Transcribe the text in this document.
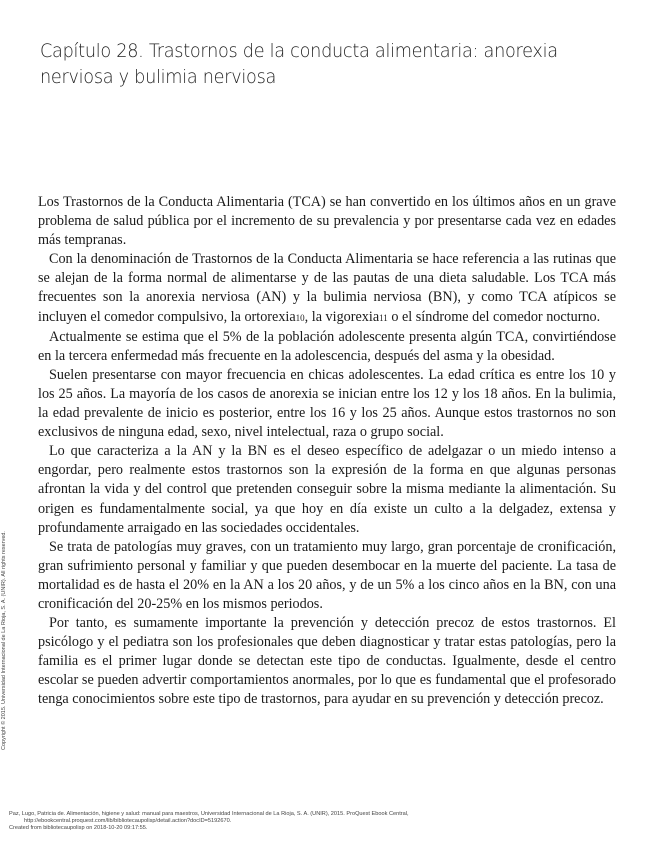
Capítulo 28. Trastornos de la conducta alimentaria: anorexia nerviosa y bulimia nerviosa

Los Trastornos de la Conducta Alimentaria (TCA) se han convertido en los últimos años en un grave problema de salud pública por el incremento de su prevalencia y por presentarse cada vez en edades más tempranas.

Con la denominación de Trastornos de la Conducta Alimentaria se hace referencia a las rutinas que se alejan de la forma normal de alimentarse y de las pautas de una dieta saludable. Los TCA más frecuentes son la anorexia nerviosa (AN) y la bulimia nerviosa (BN), y como TCA atípicos se incluyen el comedor compulsivo, la ortorexia10, la vigorexia11 o el síndrome del comedor nocturno.

Actualmente se estima que el 5% de la población adolescente presenta algún TCA, convirtiéndose en la tercera enfermedad más frecuente en la adolescencia, después del asma y la obesidad.

Suelen presentarse con mayor frecuencia en chicas adolescentes. La edad crítica es entre los 10 y los 25 años. La mayoría de los casos de anorexia se inician entre los 12 y los 18 años. En la bulimia, la edad prevalente de inicio es posterior, entre los 16 y los 25 años. Aunque estos trastornos no son exclusivos de ninguna edad, sexo, nivel intelectual, raza o grupo social.

Lo que caracteriza a la AN y la BN es el deseo específico de adelgazar o un miedo intenso a engordar, pero realmente estos trastornos son la expresión de la forma en que algunas personas afrontan la vida y del control que pretenden conseguir sobre la misma mediante la alimentación. Su origen es fundamentalmente social, ya que hoy en día existe un culto a la delgadez, extensa y profundamente arraigado en las sociedades occidentales.

Se trata de patologías muy graves, con un tratamiento muy largo, gran porcentaje de cronificación, gran sufrimiento personal y familiar y que pueden desembocar en la muerte del paciente. La tasa de mortalidad es de hasta el 20% en la AN a los 20 años, y de un 5% a los cinco años en la BN, con una cronificación del 20-25% en los mismos periodos.

Por tanto, es sumamente importante la prevención y detección precoz de estos trastornos. El psicólogo y el pediatra son los profesionales que deben diagnosticar y tratar estas patologías, pero la familia es el primer lugar donde se detectan este tipo de conductas. Igualmente, desde el centro escolar se pueden advertir comportamientos anormales, por lo que es fundamental que el profesorado tenga conocimientos sobre este tipo de trastornos, para ayudar en su prevención y detección precoz.

Copyright © 2015. Universidad Internacional de La Rioja, S. A. (UNIR). All rights reserved.
Paz, Lugo, Patricia de. Alimentación, higiene y salud: manual para maestros, Universidad Internacional de La Rioja, S. A. (UNIR), 2015. ProQuest Ebook Central,
http://ebookcentral.proquest.com/lib/bibliotecaupolisp/detail.action?docID=5192670.
Created from bibliotecaupolisp on 2018-10-20 09:17:55.
